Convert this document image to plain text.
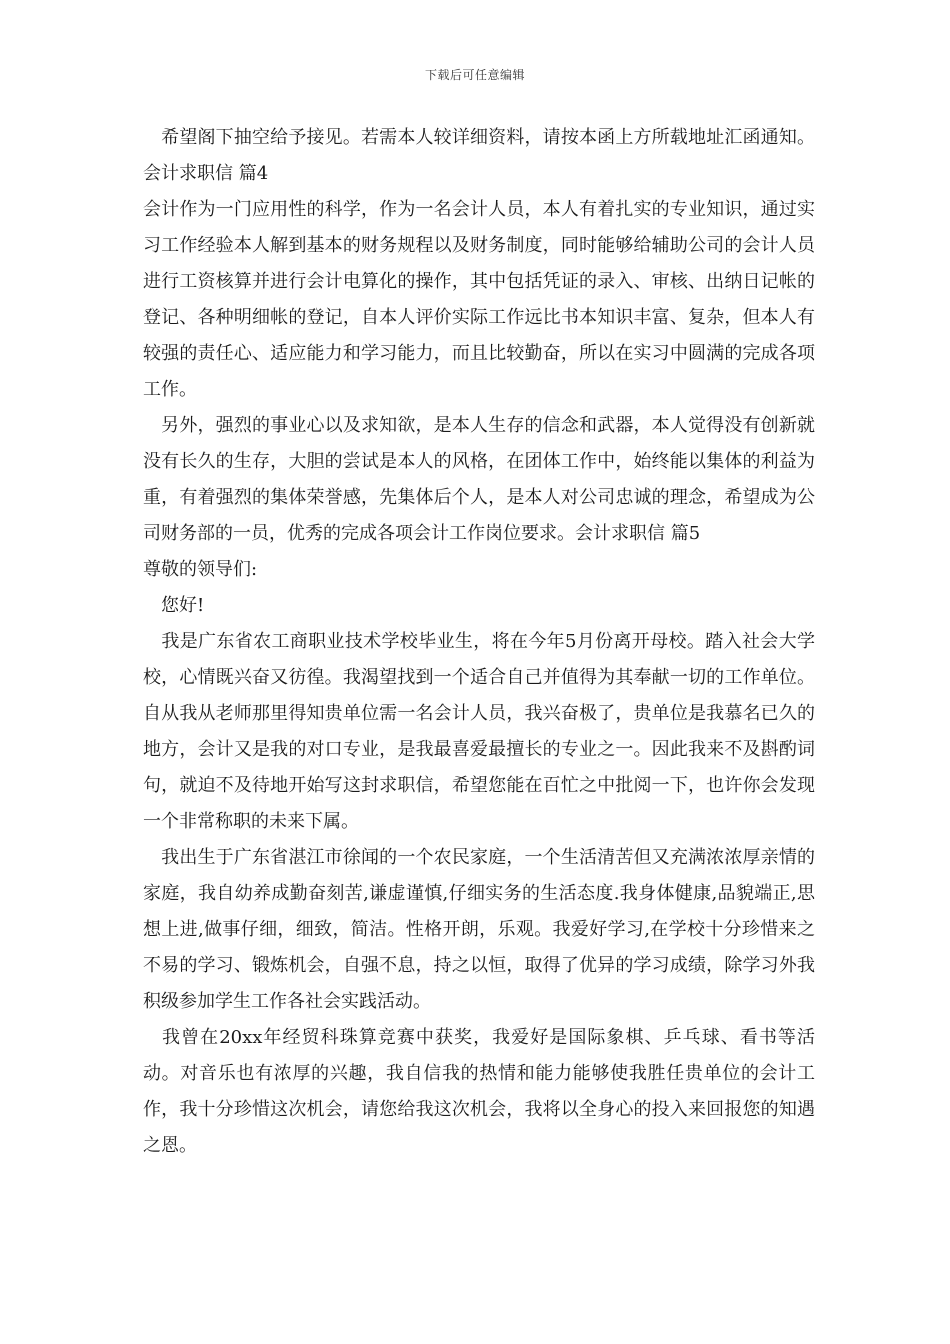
下载后可任意编辑

　希望阁下抽空给予接见。若需本人较详细资料，请按本函上方所载地址汇函通知。会计求职信 篇4

会计作为一门应用性的科学，作为一名会计人员，本人有着扎实的专业知识，通过实习工作经验本人解到基本的财务规程以及财务制度，同时能够给辅助公司的会计人员进行工资核算并进行会计电算化的操作，其中包括凭证的录入、审核、出纳日记帐的登记、各种明细帐的登记，自本人评价实际工作远比书本知识丰富、复杂，但本人有较强的责任心、适应能力和学习能力，而且比较勤奋，所以在实习中圆满的完成各项工作。

　另外，强烈的事业心以及求知欲，是本人生存的信念和武器，本人觉得没有创新就没有长久的生存，大胆的尝试是本人的风格，在团体工作中，始终能以集体的利益为重，有着强烈的集体荣誉感，先集体后个人，是本人对公司忠诚的理念，希望成为公司财务部的一员，优秀的完成各项会计工作岗位要求。会计求职信 篇5

尊敬的领导们:

　您好!

　我是广东省农工商职业技术学校毕业生，将在今年5月份离开母校。踏入社会大学校，心情既兴奋又彷徨。我渴望找到一个适合自己并值得为其奉献一切的工作单位。自从我从老师那里得知贵单位需一名会计人员，我兴奋极了，贵单位是我慕名已久的地方，会计又是我的对口专业，是我最喜爱最擅长的专业之一。因此我来不及斟酌词句，就迫不及待地开始写这封求职信，希望您能在百忙之中批阅一下，也许你会发现一个非常称职的未来下属。

　我出生于广东省湛江市徐闻的一个农民家庭，一个生活清苦但又充满浓浓厚亲情的家庭，我自幼养成勤奋刻苦,谦虚谨慎,仔细实务的生活态度.我身体健康,品貌端正,思想上进,做事仔细，细致，简洁。性格开朗，乐观。我爱好学习,在学校十分珍惜来之不易的学习、锻炼机会，自强不息，持之以恒，取得了优异的学习成绩，除学习外我积级参加学生工作各社会实践活动。

　我曾在20xx年经贸科珠算竞赛中获奖，我爱好是国际象棋、乒乓球、看书等活动。对音乐也有浓厚的兴趣，我自信我的热情和能力能够使我胜任贵单位的会计工作，我十分珍惜这次机会，请您给我这次机会，我将以全身心的投入来回报您的知遇之恩。
